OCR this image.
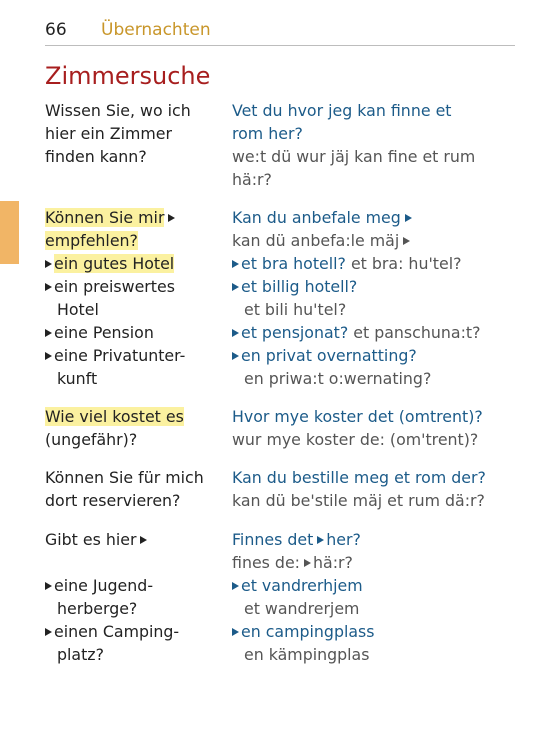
66 Übernachten
Zimmersuche
Wissen Sie, wo ich
hier ein Zimmer
finden kann?
Vet du hvor jeg kan finne et
rom her?
we:t dü wur jäj kan fine et rum
hä:r?
Können Sie mir
empfehlen?
ein gutes Hotel
ein preiswertes
Hotel
eine Pension
eine Privatunter-
kunft
Kan du anbefale meg
kan dü anbefa:le mäj
et bra hotell? et bra: hu'tel?
et billig hotell?
et bili hu'tel?
et pensjonat? et panschuna:t?
en privat overnatting?
en priwa:t o:wernating?
Wie viel kostet es
(ungefähr)?
Hvor mye koster det (omtrent)?
wur mye koster de: (om'trent)?
Können Sie für mich
dort reservieren?
Kan du bestille meg et rom der?
kan dü be'stile mäj et rum dä:r?
Gibt es hier

eine Jugend-
herberge?
einen Camping-
platz?
Finnes det her?
fines de: hä:r?
et vandrerhjem
et wandrerjem
en campingplass
en kämpingplas
